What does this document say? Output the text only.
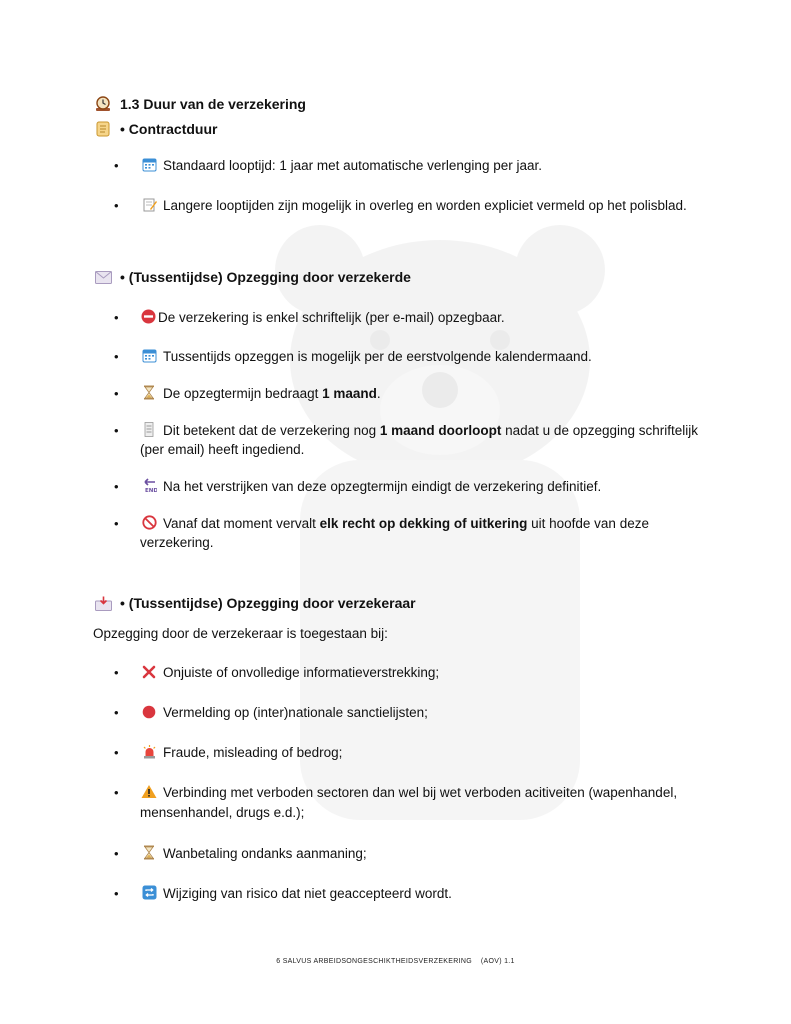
1.3 Duur van de verzekering
• Contractduur
• Standaard looptijd: 1 jaar met automatische verlenging per jaar.
• Langere looptijden zijn mogelijk in overleg en worden expliciet vermeld op het polisblad.
• (Tussentijdse) Opzegging door verzekerde
• De verzekering is enkel schriftelijk (per e-mail) opzegbaar.
• Tussentijds opzeggen is mogelijk per de eerstvolgende kalendermaand.
• De opzegtermijn bedraagt 1 maand.
• Dit betekent dat de verzekering nog 1 maand doorloopt nadat u de opzegging schriftelijk (per email) heeft ingediend.
• END Na het verstrijken van deze opzegtermijn eindigt de verzekering definitief.
• Vanaf dat moment vervalt elk recht op dekking of uitkering uit hoofde van deze verzekering.
• (Tussentijdse) Opzegging door verzekeraar
Opzegging door de verzekeraar is toegestaan bij:
• Onjuiste of onvolledige informatieverstrekking;
• Vermelding op (inter)nationale sanctielijsten;
• Fraude, misleading of bedrog;
• Verbinding met verboden sectoren dan wel bij wet verboden acitiveiten (wapenhandel, mensenhandel, drugs e.d.);
• Wanbetaling ondanks aanmaning;
• Wijziging van risico dat niet geaccepteerd wordt.
6 SALVUS ARBEIDSONGESCHIKTHEIDSVERZEKERING    (AOV) 1.1
